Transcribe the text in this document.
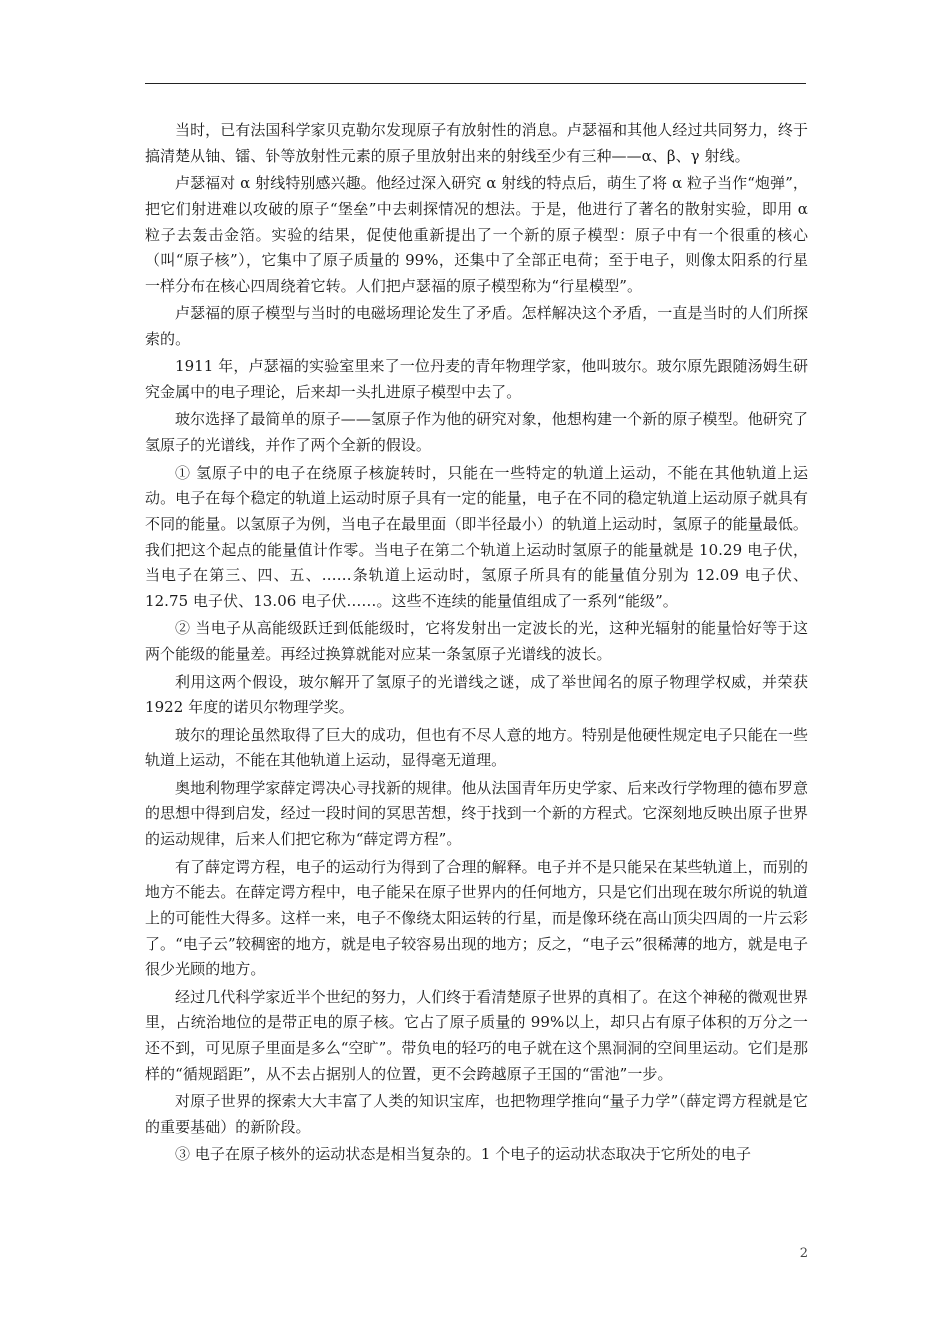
当时，已有法国科学家贝克勒尔发现原子有放射性的消息。卢瑟福和其他人经过共同努力，终于搞清楚从铀、镭、钋等放射性元素的原子里放射出来的射线至少有三种——α、β、γ 射线。

卢瑟福对 α 射线特别感兴趣。他经过深入研究 α 射线的特点后，萌生了将 α 粒子当作“炮弹”，把它们射进难以攻破的原子“堡垒”中去刺探情况的想法。于是，他进行了著名的散射实验，即用 α 粒子去轰击金箔。实验的结果，促使他重新提出了一个新的原子模型：原子中有一个很重的核心（叫“原子核”），它集中了原子质量的 99%，还集中了全部正电荷；至于电子，则像太阳系的行星一样分布在核心四周绕着它转。人们把卢瑟福的原子模型称为“行星模型”。

卢瑟福的原子模型与当时的电磁场理论发生了矛盾。怎样解决这个矛盾，一直是当时的人们所探索的。

1911 年，卢瑟福的实验室里来了一位丹麦的青年物理学家，他叫玻尔。玻尔原先跟随汤姆生研究金属中的电子理论，后来却一头扎进原子模型中去了。

玻尔选择了最简单的原子——氢原子作为他的研究对象，他想构建一个新的原子模型。他研究了氢原子的光谱线，并作了两个全新的假设。

① 氢原子中的电子在绕原子核旋转时，只能在一些特定的轨道上运动，不能在其他轨道上运动。电子在每个稳定的轨道上运动时原子具有一定的能量，电子在不同的稳定轨道上运动原子就具有不同的能量。以氢原子为例，当电子在最里面（即半径最小）的轨道上运动时，氢原子的能量最低。我们把这个起点的能量值计作零。当电子在第二个轨道上运动时氢原子的能量就是 10.29 电子伏，当电子在第三、四、五、……条轨道上运动时，氢原子所具有的能量值分别为 12.09 电子伏、12.75 电子伏、13.06 电子伏……。这些不连续的能量值组成了一系列“能级”。

② 当电子从高能级跃迁到低能级时，它将发射出一定波长的光，这种光辐射的能量恰好等于这两个能级的能量差。再经过换算就能对应某一条氢原子光谱线的波长。

利用这两个假设，玻尔解开了氢原子的光谱线之谜，成了举世闻名的原子物理学权威，并荣获 1922 年度的诺贝尔物理学奖。

玻尔的理论虽然取得了巨大的成功，但也有不尽人意的地方。特别是他硬性规定电子只能在一些轨道上运动，不能在其他轨道上运动，显得毫无道理。

奥地利物理学家薛定谔决心寻找新的规律。他从法国青年历史学家、后来改行学物理的德布罗意的思想中得到启发，经过一段时间的冥思苦想，终于找到一个新的方程式。它深刻地反映出原子世界的运动规律，后来人们把它称为“薛定谔方程”。

有了薛定谔方程，电子的运动行为得到了合理的解释。电子并不是只能呆在某些轨道上，而别的地方不能去。在薛定谔方程中，电子能呆在原子世界内的任何地方，只是它们出现在玻尔所说的轨道上的可能性大得多。这样一来，电子不像绕太阳运转的行星，而是像环绕在高山顶尖四周的一片云彩了。“电子云”较稠密的地方，就是电子较容易出现的地方；反之，“电子云”很稀薄的地方，就是电子很少光顾的地方。

经过几代科学家近半个世纪的努力，人们终于看清楚原子世界的真相了。在这个神秘的微观世界里，占统治地位的是带正电的原子核。它占了原子质量的 99%以上，却只占有原子体积的万分之一还不到，可见原子里面是多么“空旷”。带负电的轻巧的电子就在这个黑洞洞的空间里运动。它们是那样的“循规蹈距”，从不去占据别人的位置，更不会跨越原子王国的“雷池”一步。

对原子世界的探索大大丰富了人类的知识宝库，也把物理学推向“量子力学”（薛定谔方程就是它的重要基础）的新阶段。

③ 电子在原子核外的运动状态是相当复杂的。1 个电子的运动状态取决于它所处的电子

2
